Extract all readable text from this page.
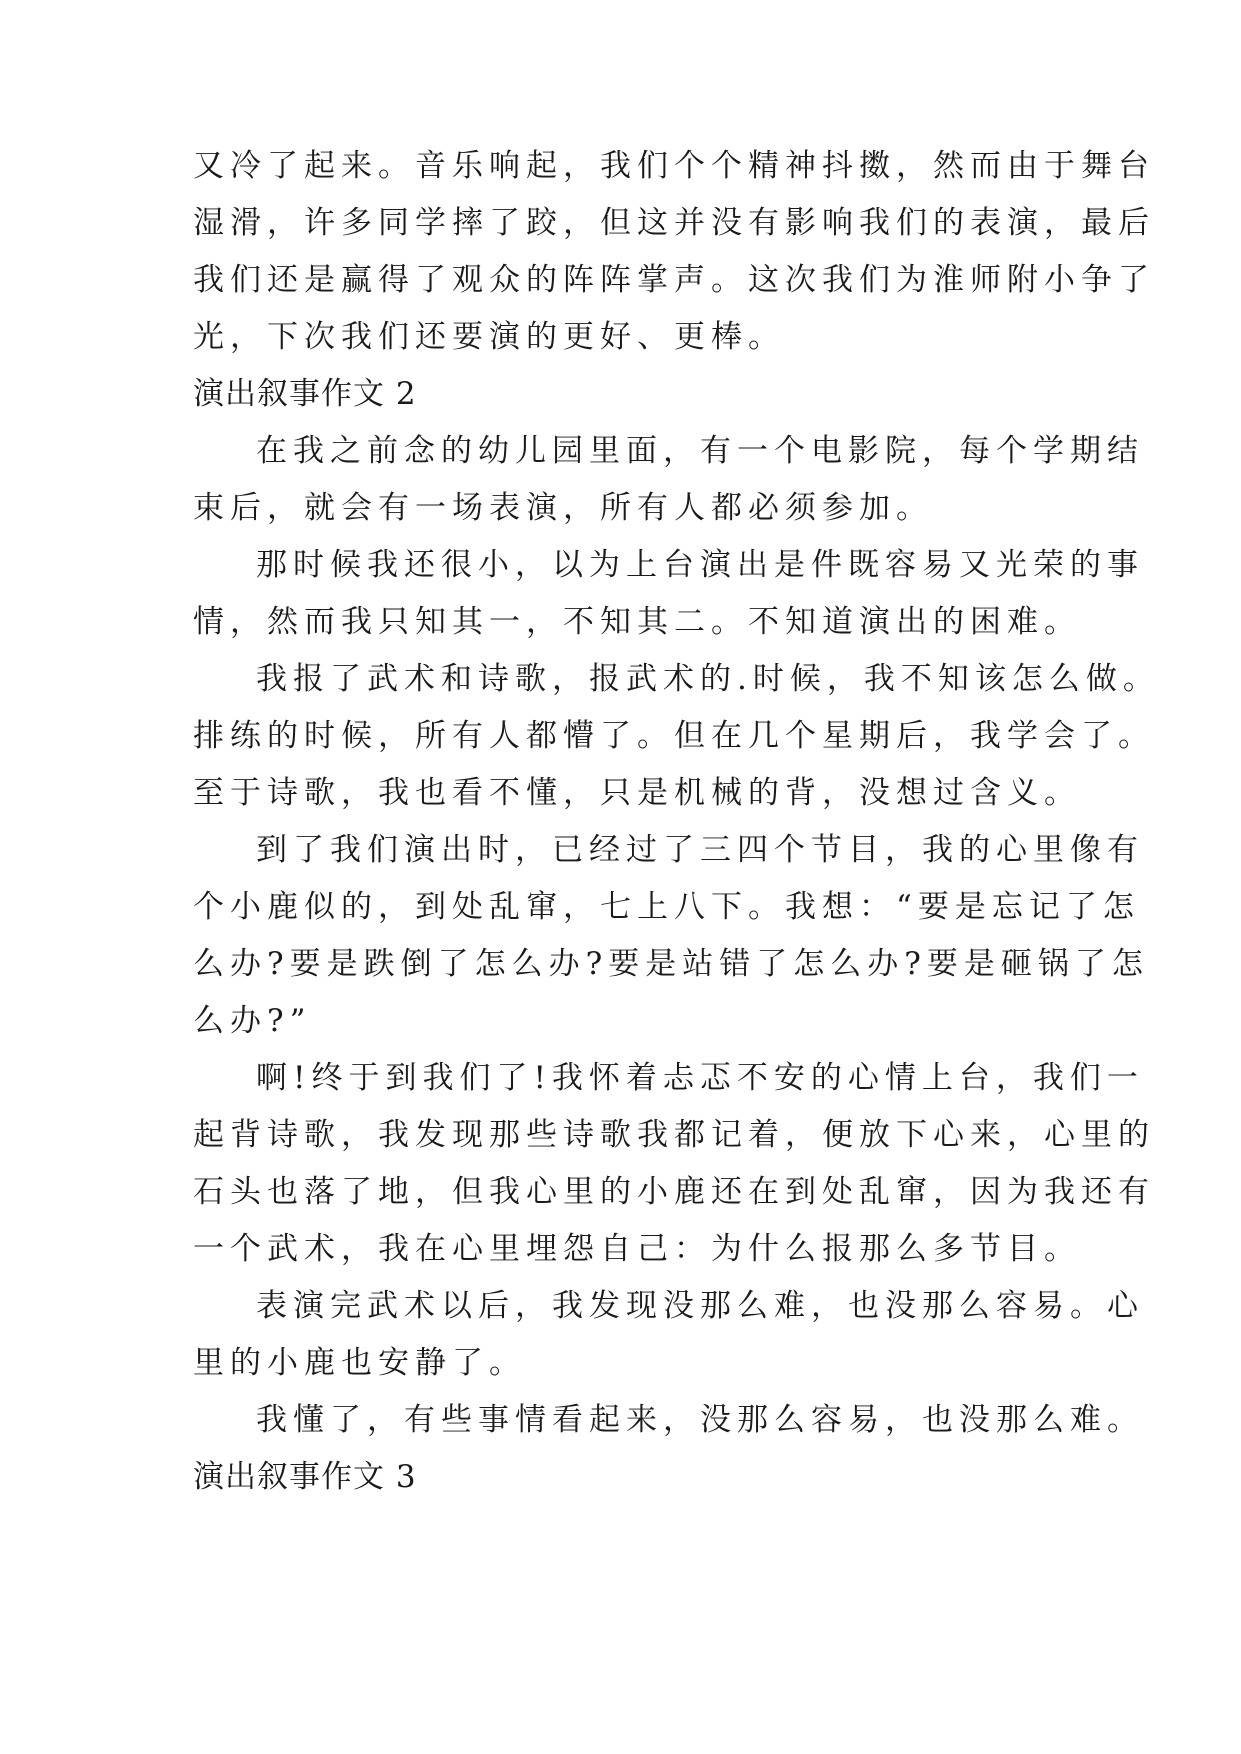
又冷了起来。音乐响起，我们个个精神抖擞，然而由于舞台
湿滑，许多同学摔了跤，但这并没有影响我们的表演，最后
我们还是赢得了观众的阵阵掌声。这次我们为淮师附小争了
光，下次我们还要演的更好、更棒。
演出叙事作文 2
在我之前念的幼儿园里面，有一个电影院，每个学期结
束后，就会有一场表演，所有人都必须参加。
那时候我还很小，以为上台演出是件既容易又光荣的事
情，然而我只知其一，不知其二。不知道演出的困难。
我报了武术和诗歌，报武术的.时候，我不知该怎么做。
排练的时候，所有人都懵了。但在几个星期后，我学会了。
至于诗歌，我也看不懂，只是机械的背，没想过含义。
到了我们演出时，已经过了三四个节目，我的心里像有
个小鹿似的，到处乱窜，七上八下。我想：“要是忘记了怎
么办?要是跌倒了怎么办?要是站错了怎么办?要是砸锅了怎
么办?”
啊!终于到我们了!我怀着忐忑不安的心情上台，我们一
起背诗歌，我发现那些诗歌我都记着，便放下心来，心里的
石头也落了地，但我心里的小鹿还在到处乱窜，因为我还有
一个武术，我在心里埋怨自己：为什么报那么多节目。
表演完武术以后，我发现没那么难，也没那么容易。心
里的小鹿也安静了。
我懂了，有些事情看起来，没那么容易，也没那么难。
演出叙事作文 3
